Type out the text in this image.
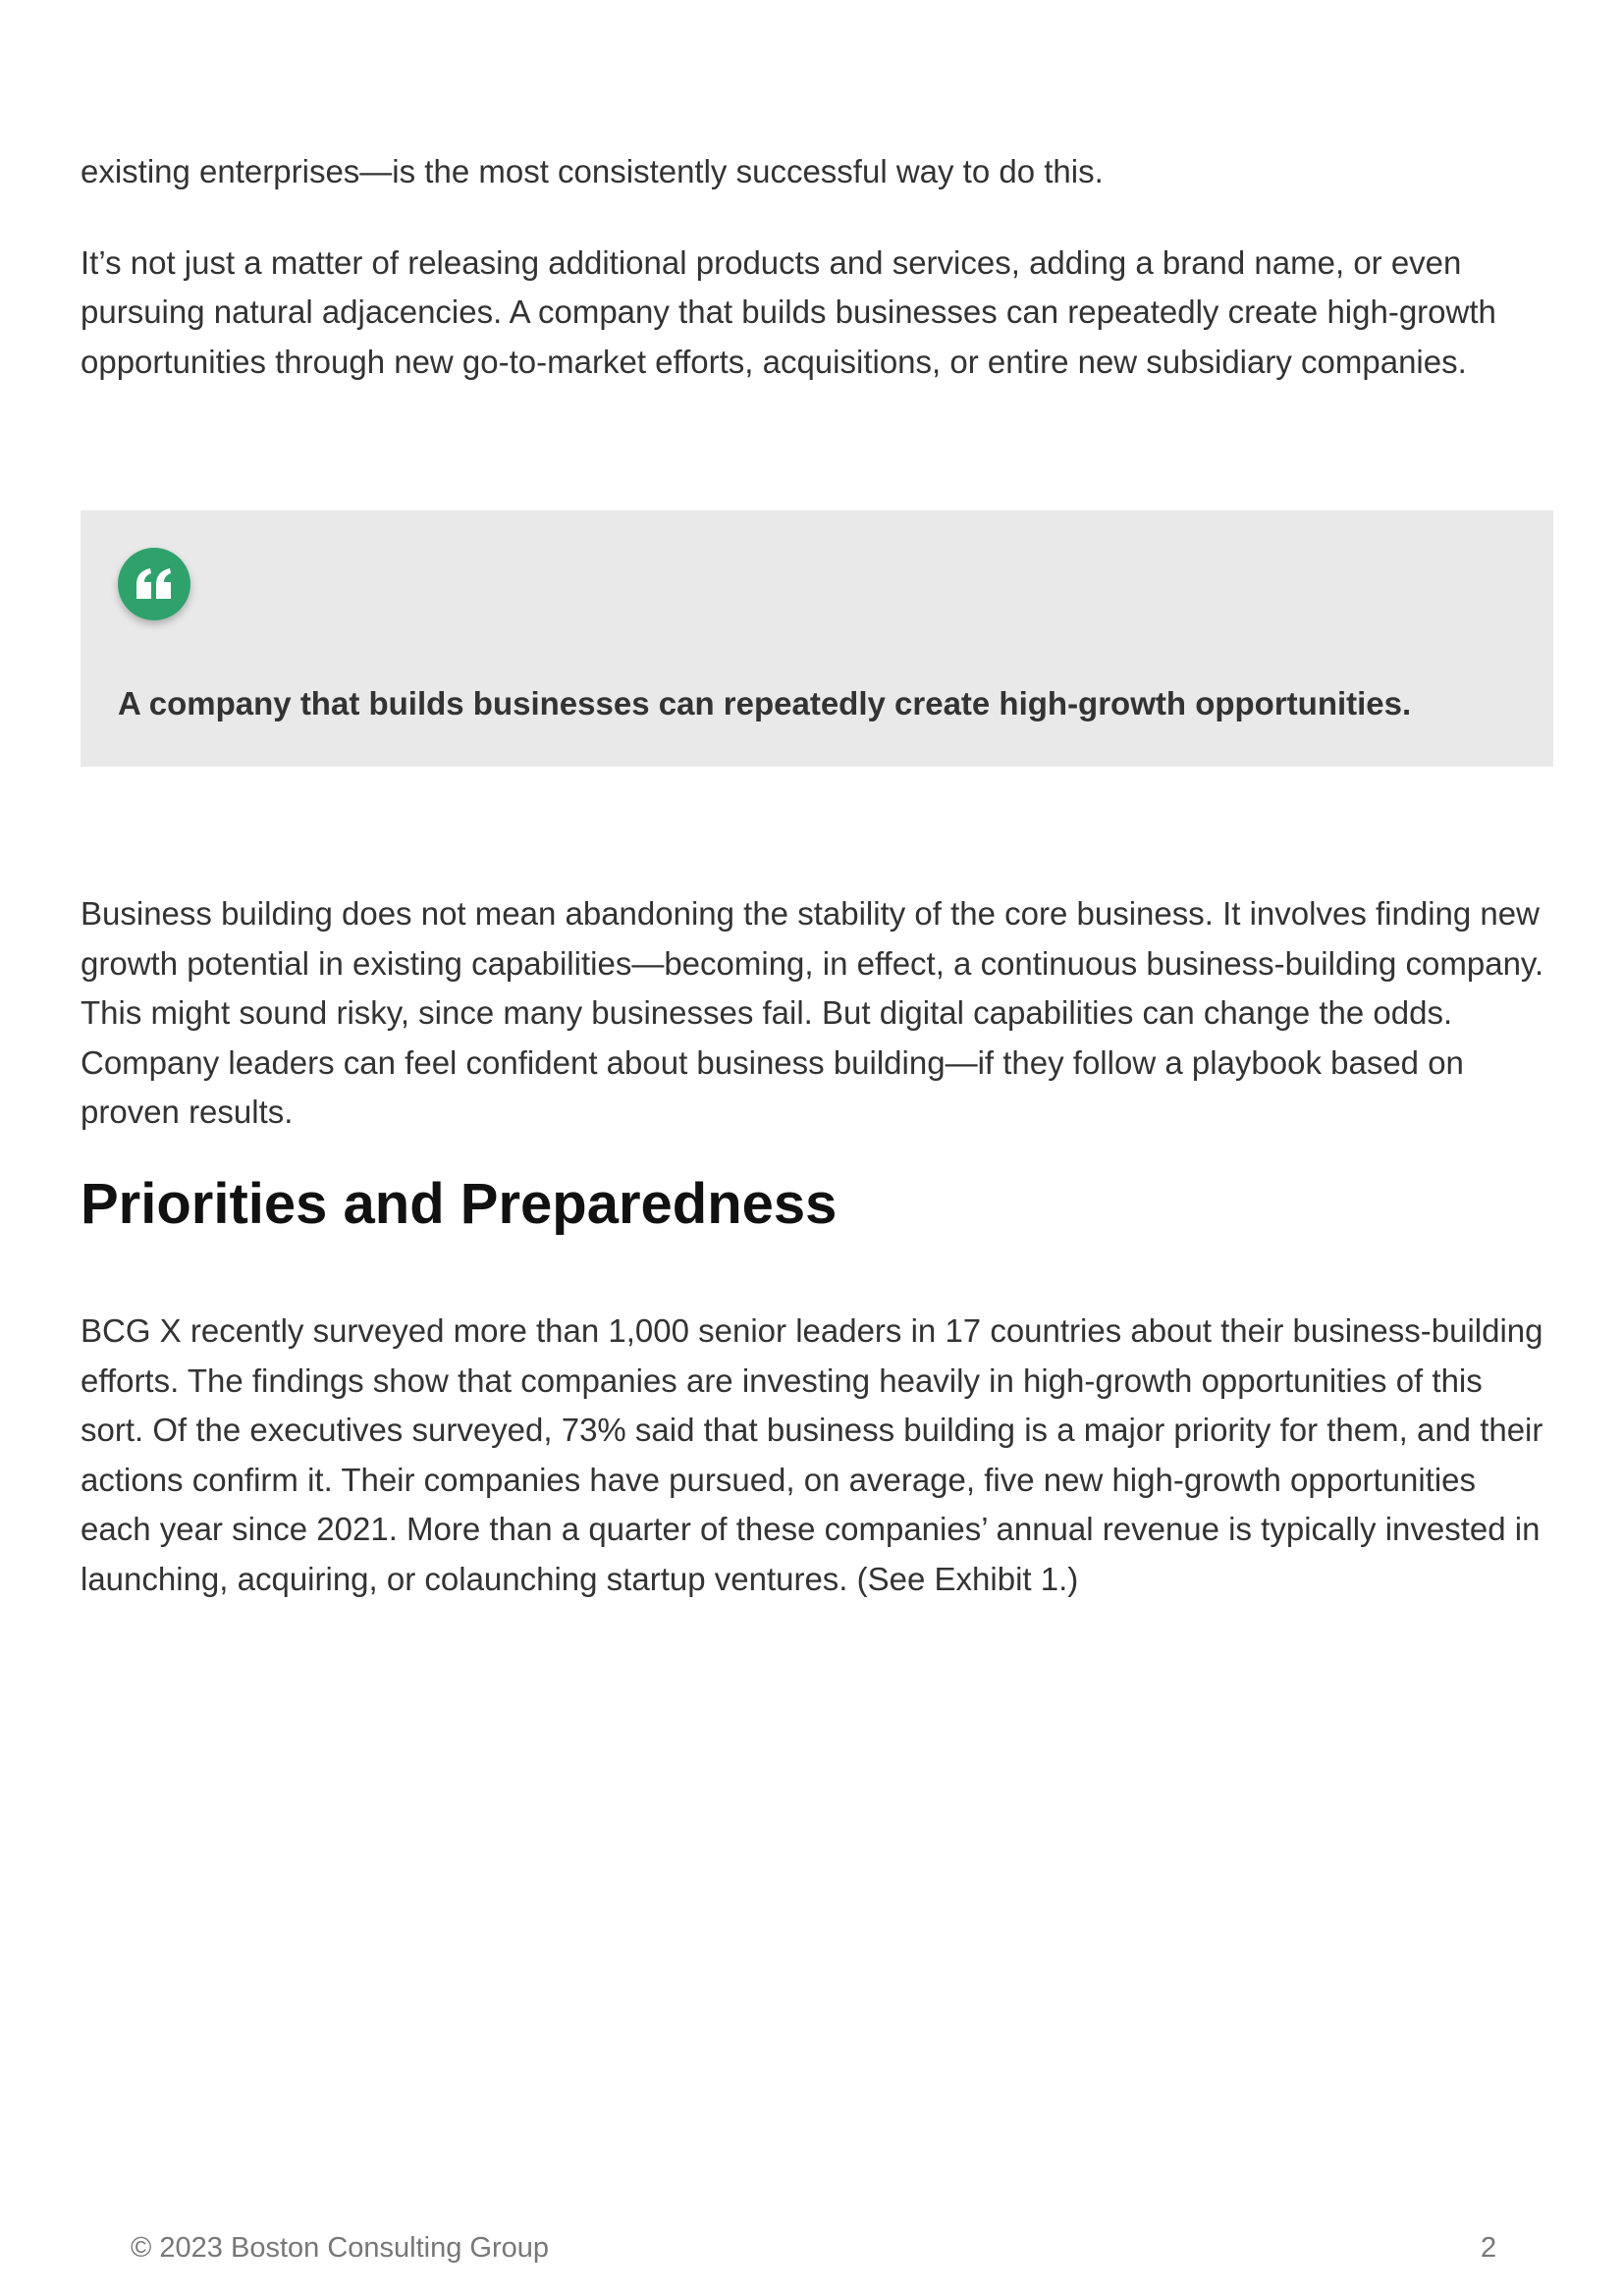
existing enterprises—is the most consistently successful way to do this.

It’s not just a matter of releasing additional products and services, adding a brand name, or even pursuing natural adjacencies. A company that builds businesses can repeatedly create high-growth opportunities through new go-to-market efforts, acquisitions, or entire new subsidiary companies.

A company that builds businesses can repeatedly create high-growth opportunities.

Business building does not mean abandoning the stability of the core business. It involves finding new growth potential in existing capabilities—becoming, in effect, a continuous business-building company. This might sound risky, since many businesses fail. But digital capabilities can change the odds. Company leaders can feel confident about business building—if they follow a playbook based on proven results.

Priorities and Preparedness

BCG X recently surveyed more than 1,000 senior leaders in 17 countries about their business-building efforts. The findings show that companies are investing heavily in high-growth opportunities of this sort. Of the executives surveyed, 73% said that business building is a major priority for them, and their actions confirm it. Their companies have pursued, on average, five new high-growth opportunities each year since 2021. More than a quarter of these companies’ annual revenue is typically invested in launching, acquiring, or colaunching startup ventures. (See Exhibit 1.)

© 2023 Boston Consulting Group	2
